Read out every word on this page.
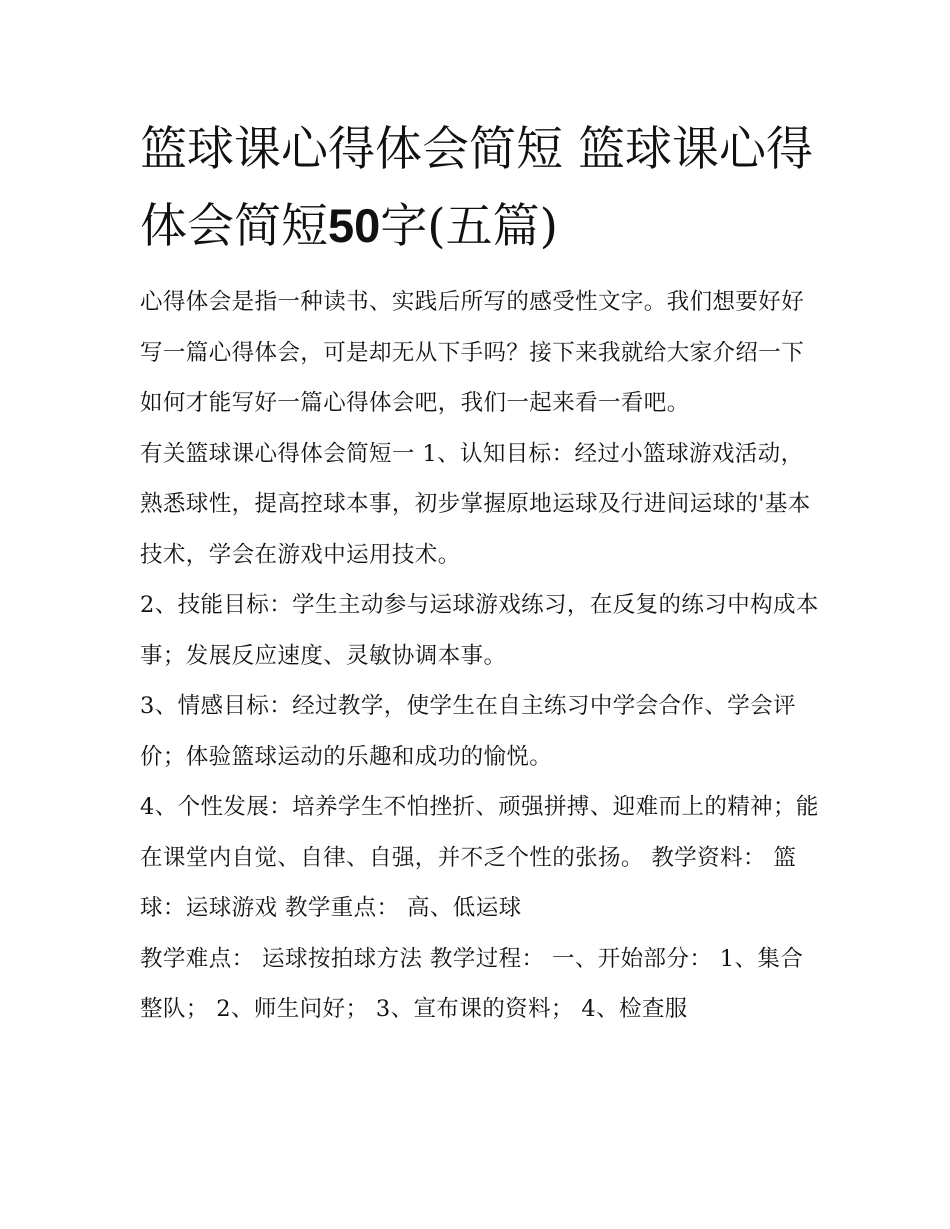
篮球课心得体会简短 篮球课心得体会简短50字(五篇)

心得体会是指一种读书、实践后所写的感受性文字。我们想要好好写一篇心得体会，可是却无从下手吗？接下来我就给大家介绍一下如何才能写好一篇心得体会吧，我们一起来看一看吧。

有关篮球课心得体会简短一 1、认知目标：经过小篮球游戏活动，熟悉球性，提高控球本事，初步掌握原地运球及行进间运球的'基本技术，学会在游戏中运用技术。

2、技能目标：学生主动参与运球游戏练习，在反复的练习中构成本事；发展反应速度、灵敏协调本事。

3、情感目标：经过教学，使学生在自主练习中学会合作、学会评价；体验篮球运动的乐趣和成功的愉悦。

4、个性发展：培养学生不怕挫折、顽强拼搏、迎难而上的精神；能在课堂内自觉、自律、自强，并不乏个性的张扬。 教学资料： 篮球：运球游戏 教学重点： 高、低运球

教学难点： 运球按拍球方法 教学过程： 一、开始部分： 1、集合整队； 2、师生问好； 3、宣布课的资料； 4、检查服
